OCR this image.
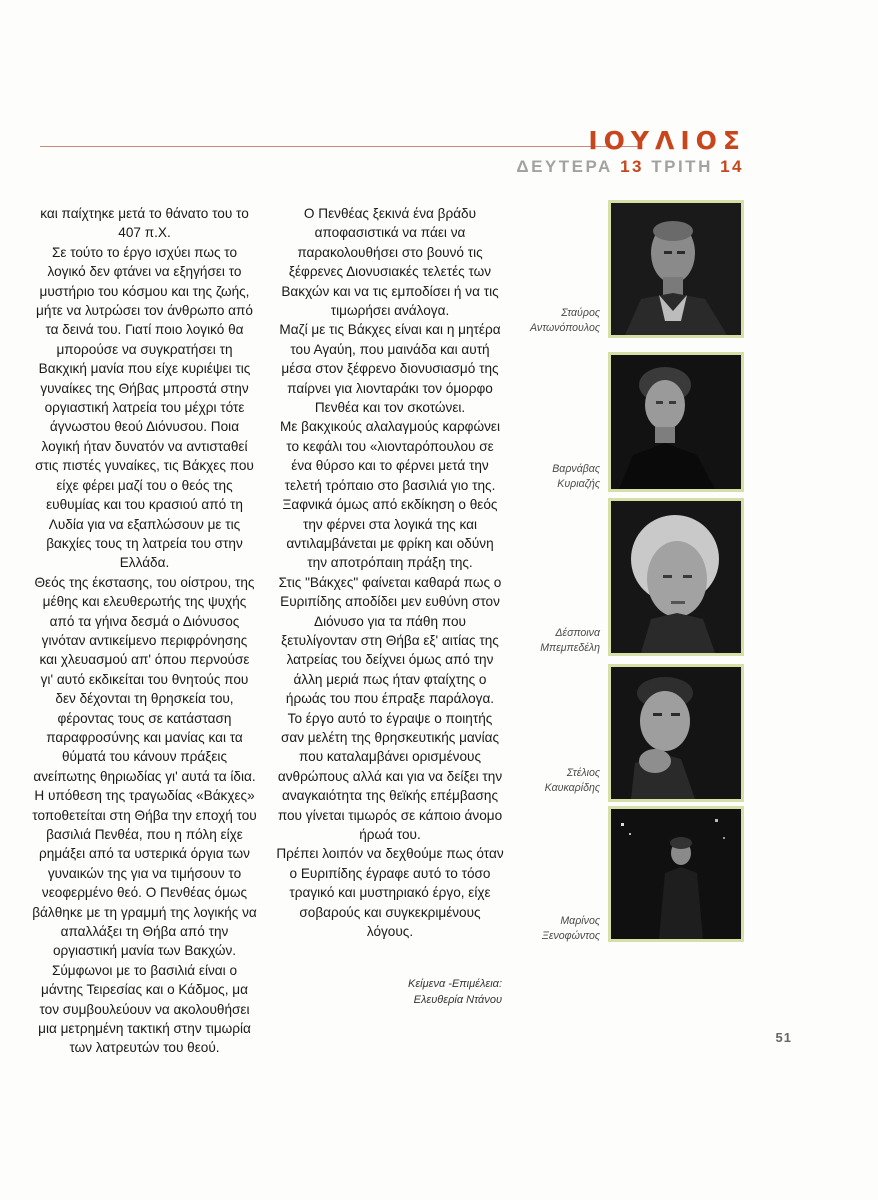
ΙΟΥΛΙΟΣ
ΔΕΥΤΕΡΑ 13 ΤΡΙΤΗ 14

και παίχτηκε μετά το θάνατο του το 407 π.Χ.

Σε τούτο το έργο ισχύει πως το λογικό δεν φτάνει να εξηγήσει το μυστήριο του κόσμου και της ζωής, μήτε να λυτρώσει τον άνθρωπο από τα δεινά του. Γιατί ποιο λογικό θα μπορούσε να συγκρατήσει τη Βακχική μανία που είχε κυριέψει τις γυναίκες της Θήβας μπροστά στην οργιαστική λατρεία του μέχρι τότε άγνωστου θεού Διόνυσου. Ποια λογική ήταν δυνατόν να αντισταθεί στις πιστές γυναίκες, τις Βάκχες που είχε φέρει μαζί του ο θεός της ευθυμίας και του κρασιού από τη Λυδία για να εξαπλώσουν με τις βακχίες τους τη λατρεία του στην Ελλάδα.

Θεός της έκστασης, του οίστρου, της μέθης και ελευθερωτής της ψυχής από τα γήινα δεσμά ο Διόνυσος γινόταν αντικείμενο περιφρόνησης και χλευασμού απ' όπου περνούσε γι' αυτό εκδικείται του θνητούς που δεν δέχονται τη θρησκεία του, φέροντας τους σε κατάσταση παραφροσύνης και μανίας και τα θύματά του κάνουν πράξεις ανείπωτης θηριωδίας γι' αυτά τα ίδια.

Η υπόθεση της τραγωδίας «Βάκχες» τοποθετείται στη Θήβα την εποχή του βασιλιά Πενθέα, που η πόλη είχε ρημάξει από τα υστερικά όργια των γυναικών της για να τιμήσουν το νεοφερμένο θεό. Ο Πενθέας όμως βάλθηκε με τη γραμμή της λογικής να απαλλάξει τη Θήβα από την οργιαστική μανία των Βακχών.

Σύμφωνοι με το βασιλιά είναι ο μάντης Τειρεσίας και ο Κάδμος, μα τον συμβουλεύουν να ακολουθήσει μια μετρημένη τακτική στην τιμωρία των λατρευτών του θεού.

Ο Πενθέας ξεκινά ένα βράδυ αποφασιστικά να πάει να παρακολουθήσει στο βουνό τις ξέφρενες Διονυσιακές τελετές των Βακχών και να τις εμποδίσει ή να τις τιμωρήσει ανάλογα.

Μαζί με τις Βάκχες είναι και η μητέρα του Αγαύη, που μαινάδα και αυτή μέσα στον ξέφρενο διονυσιασμό της παίρνει για λιονταράκι τον όμορφο Πενθέα και τον σκοτώνει.

Με βακχικούς αλαλαγμούς καρφώνει το κεφάλι του «λιονταρόπουλου σε ένα θύρσο και το φέρνει μετά την τελετή τρόπαιο στο βασιλιά γιο της. Ξαφνικά όμως από εκδίκηση ο θεός την φέρνει στα λογικά της και αντιλαμβάνεται με φρίκη και οδύνη την αποτρόπαιη πράξη της.

Στις "Βάκχες" φαίνεται καθαρά πως ο Ευριπίδης αποδίδει μεν ευθύνη στον Διόνυσο για τα πάθη που ξετυλίγονταν στη Θήβα εξ' αιτίας της λατρείας του δείχνει όμως από την άλλη μεριά πως ήταν φταίχτης ο ήρωάς του που έπραξε παράλογα.

Το έργο αυτό το έγραψε ο ποιητής σαν μελέτη της θρησκευτικής μανίας που καταλαμβάνει ορισμένους ανθρώπους αλλά και για να δείξει την αναγκαιότητα της θεϊκής επέμβασης που γίνεται τιμωρός σε κάποιο άνομο ήρωά του.

Πρέπει λοιπόν να δεχθούμε πως όταν ο Ευριπίδης έγραφε αυτό το τόσο τραγικό και μυστηριακό έργο, είχε σοβαρούς και συγκεκριμένους λόγους.

Κείμενα -Επιμέλεια:
Ελευθερία Ντάνου
Σταύρος
Αντωνόπουλος
Βαρνάβας
Κυριαζής
Δέσποινα
Μπεμπεδέλη
Στέλιος
Καυκαρίδης
Μαρίνος
Ξενοφώντος
51
